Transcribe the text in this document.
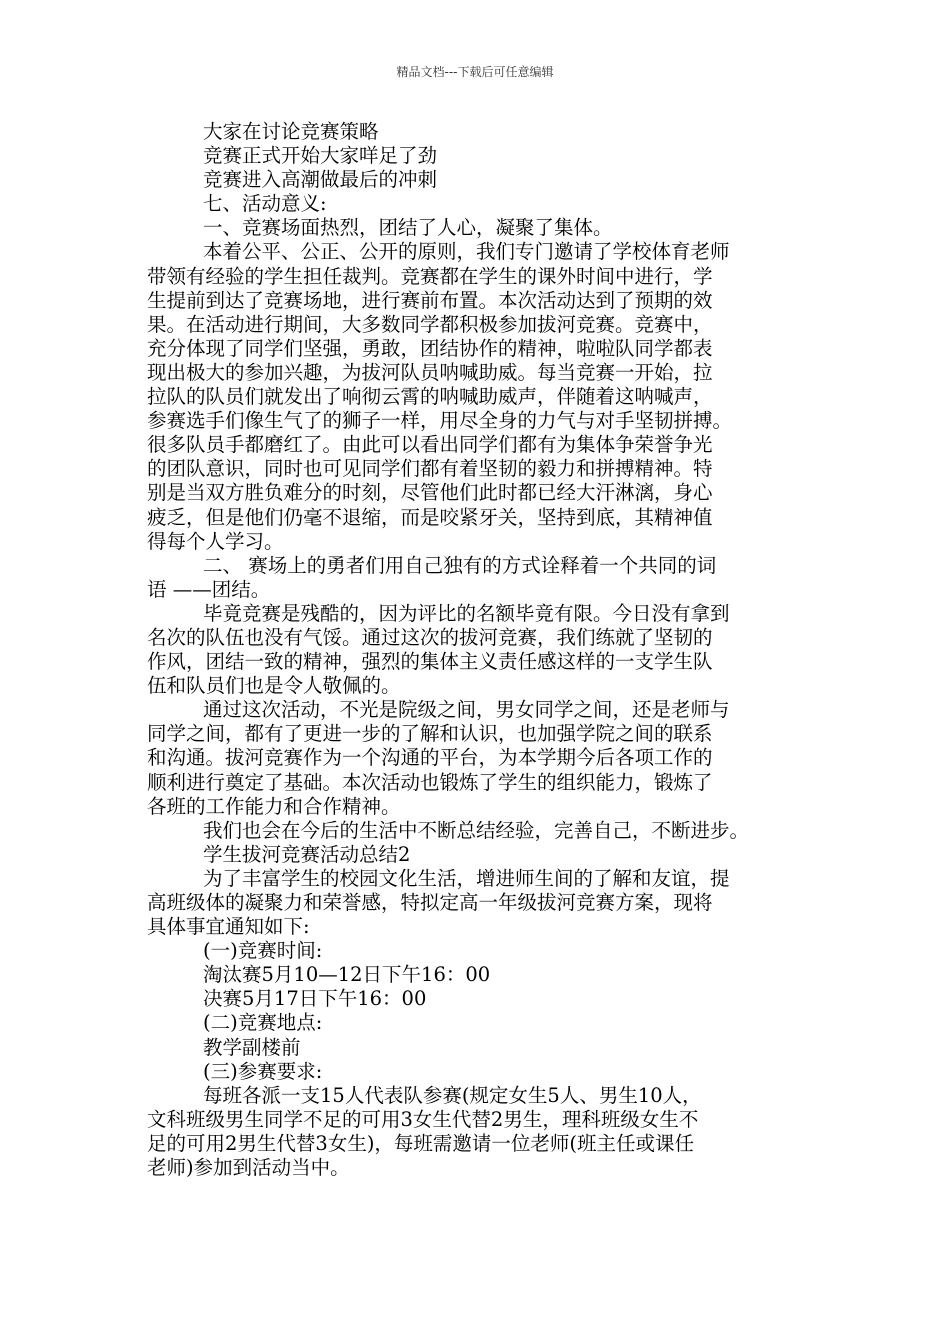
精品文档---下载后可任意编辑
大家在讨论竞赛策略
竞赛正式开始大家咩足了劲
竞赛进入高潮做最后的冲刺
七、活动意义:
一、竞赛场面热烈，团结了人心，凝聚了集体。
本着公平、公正、公开的原则，我们专门邀请了学校体育老师
带领有经验的学生担任裁判。竞赛都在学生的课外时间中进行，学
生提前到达了竞赛场地，进行赛前布置。本次活动达到了预期的效
果。在活动进行期间，大多数同学都积极参加拔河竞赛。竞赛中，
充分体现了同学们坚强，勇敢，团结协作的精神，啦啦队同学都表
现出极大的参加兴趣，为拔河队员呐喊助威。每当竞赛一开始，拉
拉队的队员们就发出了响彻云霄的呐喊助威声，伴随着这呐喊声，
参赛选手们像生气了的狮子一样，用尽全身的力气与对手坚韧拼搏。
很多队员手都磨红了。由此可以看出同学们都有为集体争荣誉争光
的团队意识，同时也可见同学们都有着坚韧的毅力和拼搏精神。特
别是当双方胜负难分的时刻，尽管他们此时都已经大汗淋漓，身心
疲乏，但是他们仍毫不退缩，而是咬紧牙关，坚持到底，其精神值
得每个人学习。
二、 赛场上的勇者们用自己独有的方式诠释着一个共同的词
语 ——团结。
毕竟竞赛是残酷的，因为评比的名额毕竟有限。今日没有拿到
名次的队伍也没有气馁。通过这次的拔河竞赛，我们练就了坚韧的
作风，团结一致的精神，强烈的集体主义责任感这样的一支学生队
伍和队员们也是令人敬佩的。
通过这次活动，不光是院级之间，男女同学之间，还是老师与
同学之间，都有了更进一步的了解和认识，也加强学院之间的联系
和沟通。拔河竞赛作为一个沟通的平台，为本学期今后各项工作的
顺利进行奠定了基础。本次活动也锻炼了学生的组织能力，锻炼了
各班的工作能力和合作精神。
我们也会在今后的生活中不断总结经验，完善自己，不断进步。
学生拔河竞赛活动总结2
为了丰富学生的校园文化生活，增进师生间的了解和友谊，提
高班级体的凝聚力和荣誉感，特拟定高一年级拔河竞赛方案，现将
具体事宜通知如下:
(一)竞赛时间:
淘汰赛5月10—12日下午16：00
决赛5月17日下午16：00
(二)竞赛地点:
教学副楼前
(三)参赛要求:
每班各派一支15人代表队参赛(规定女生5人、男生10人，
文科班级男生同学不足的可用3女生代替2男生，理科班级女生不
足的可用2男生代替3女生)，每班需邀请一位老师(班主任或课任
老师)参加到活动当中。
